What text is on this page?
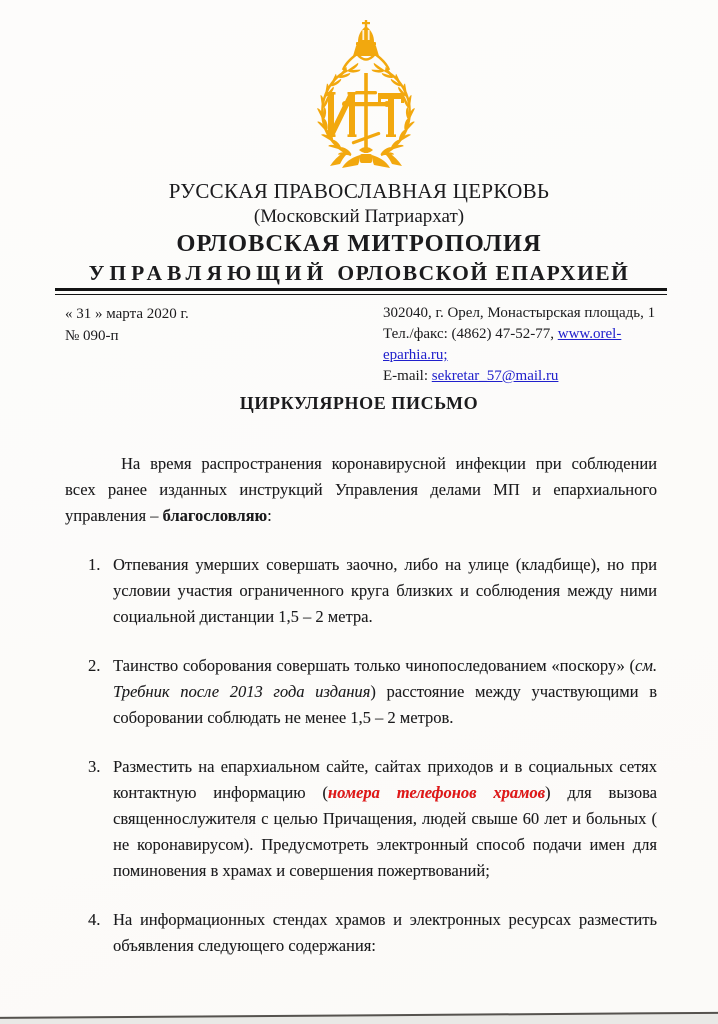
РУССКАЯ ПРАВОСЛАВНАЯ ЦЕРКОВЬ
(Московский Патриархат)
ОРЛОВСКАЯ МИТРОПОЛИЯ
УПРАВЛЯЮЩИЙ ОРЛОВСКОЙ ЕПАРХИЕЙ
« 31 » марта 2020 г.
№ 090-п
302040, г. Орел, Монастырская площадь, 1
Тел./факс: (4862) 47-52-77, www.orel-eparhia.ru;
E-mail: sekretar_57@mail.ru
ЦИРКУЛЯРНОЕ ПИСЬМО

На время распространения коронавирусной инфекции при соблюдении всех ранее изданных инструкций Управления делами МП и епархиального управления – благословляю:

1. Отпевания умерших совершать заочно, либо на улице (кладбище), но при условии участия ограниченного круга близких и соблюдения между ними социальной дистанции 1,5 – 2 метра.
2. Таинство соборования совершать только чинопоследованием «поскору» (см. Требник после 2013 года издания) расстояние между участвующими в соборовании соблюдать не менее 1,5 – 2 метров.
3. Разместить на епархиальном сайте, сайтах приходов и в социальных сетях контактную информацию (номера телефонов храмов) для вызова священнослужителя с целью Причащения, людей свыше 60 лет и больных ( не коронавирусом). Предусмотреть электронный способ подачи имен для поминовения в храмах и совершения пожертвований;
4. На информационных стендах храмов и электронных ресурсах разместить объявления следующего содержания:
